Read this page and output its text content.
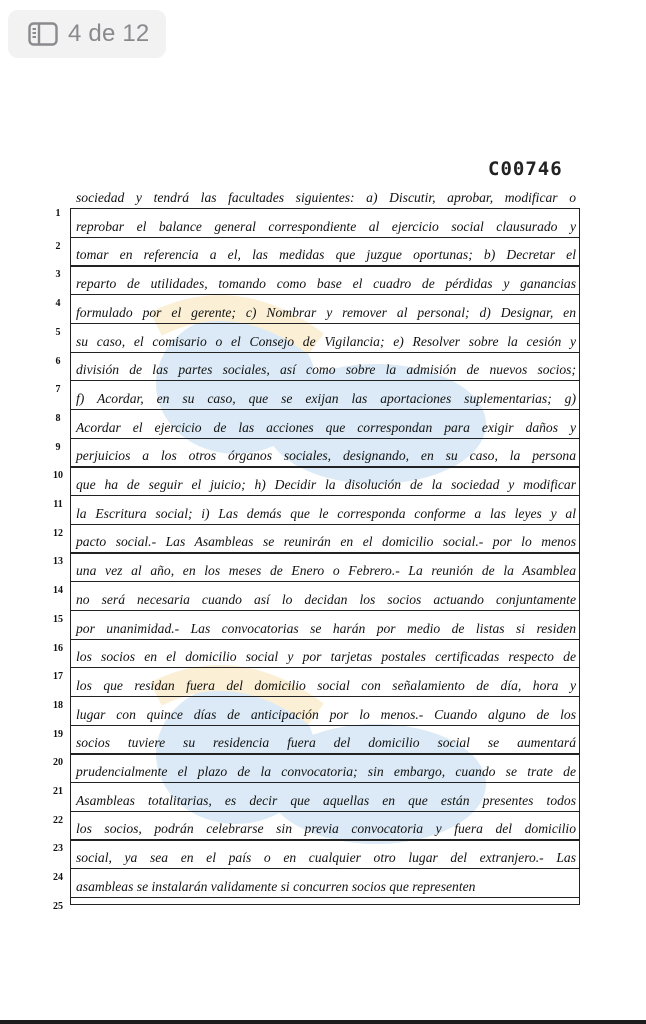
4 de 12
C00746
sociedad y tendrá las facultades siguientes: a) Discutir, aprobar, modificar o
reprobar el balance general correspondiente al ejercicio social clausurado y
tomar en referencia a el, las medidas que juzgue oportunas; b) Decretar el
reparto de utilidades, tomando como base el cuadro de pérdidas y ganancias
formulado por el gerente; c) Nombrar y remover al personal; d) Designar, en
su caso, el comisario o el Consejo de Vigilancia; e) Resolver sobre la cesión y
división de las partes sociales, así como sobre la admisión de nuevos socios;
f) Acordar, en su caso, que se exijan las aportaciones suplementarias; g)
Acordar el ejercicio de las acciones que correspondan para exigir daños y
perjuicios a los otros órganos sociales, designando, en su caso, la persona
que ha de seguir el juicio; h) Decidir la disolución de la sociedad y modificar
la Escritura social; i) Las demás que le corresponda conforme a las leyes y al
pacto social.- Las Asambleas se reunirán en el domicilio social.- por lo menos
una vez al año, en los meses de Enero o Febrero.- La reunión de la Asamblea
no será necesaria cuando así lo decidan los socios actuando conjuntamente
por unanimidad.- Las convocatorias se harán por medio de listas si residen
los socios en el domicilio social y por tarjetas postales certificadas respecto de
los que residan fuera del domicilio social con señalamiento de día, hora y
lugar con quince días de anticipación por lo menos.- Cuando alguno de los
socios tuviere su residencia fuera del domicilio social se aumentará
prudencialmente el plazo de la convocatoria; sin embargo, cuando se trate de
Asambleas totalitarias, es decir que aquellas en que están presentes todos
los socios, podrán celebrarse sin previa convocatoria y fuera del domicilio
social, ya sea en el país o en cualquier otro lugar del extranjero.- Las
asambleas se instalarán validamente si concurren socios que representen
1
2
3
4
5
6
7
8
9
10
11
12
13
14
15
16
17
18
19
20
21
22
23
24
25
